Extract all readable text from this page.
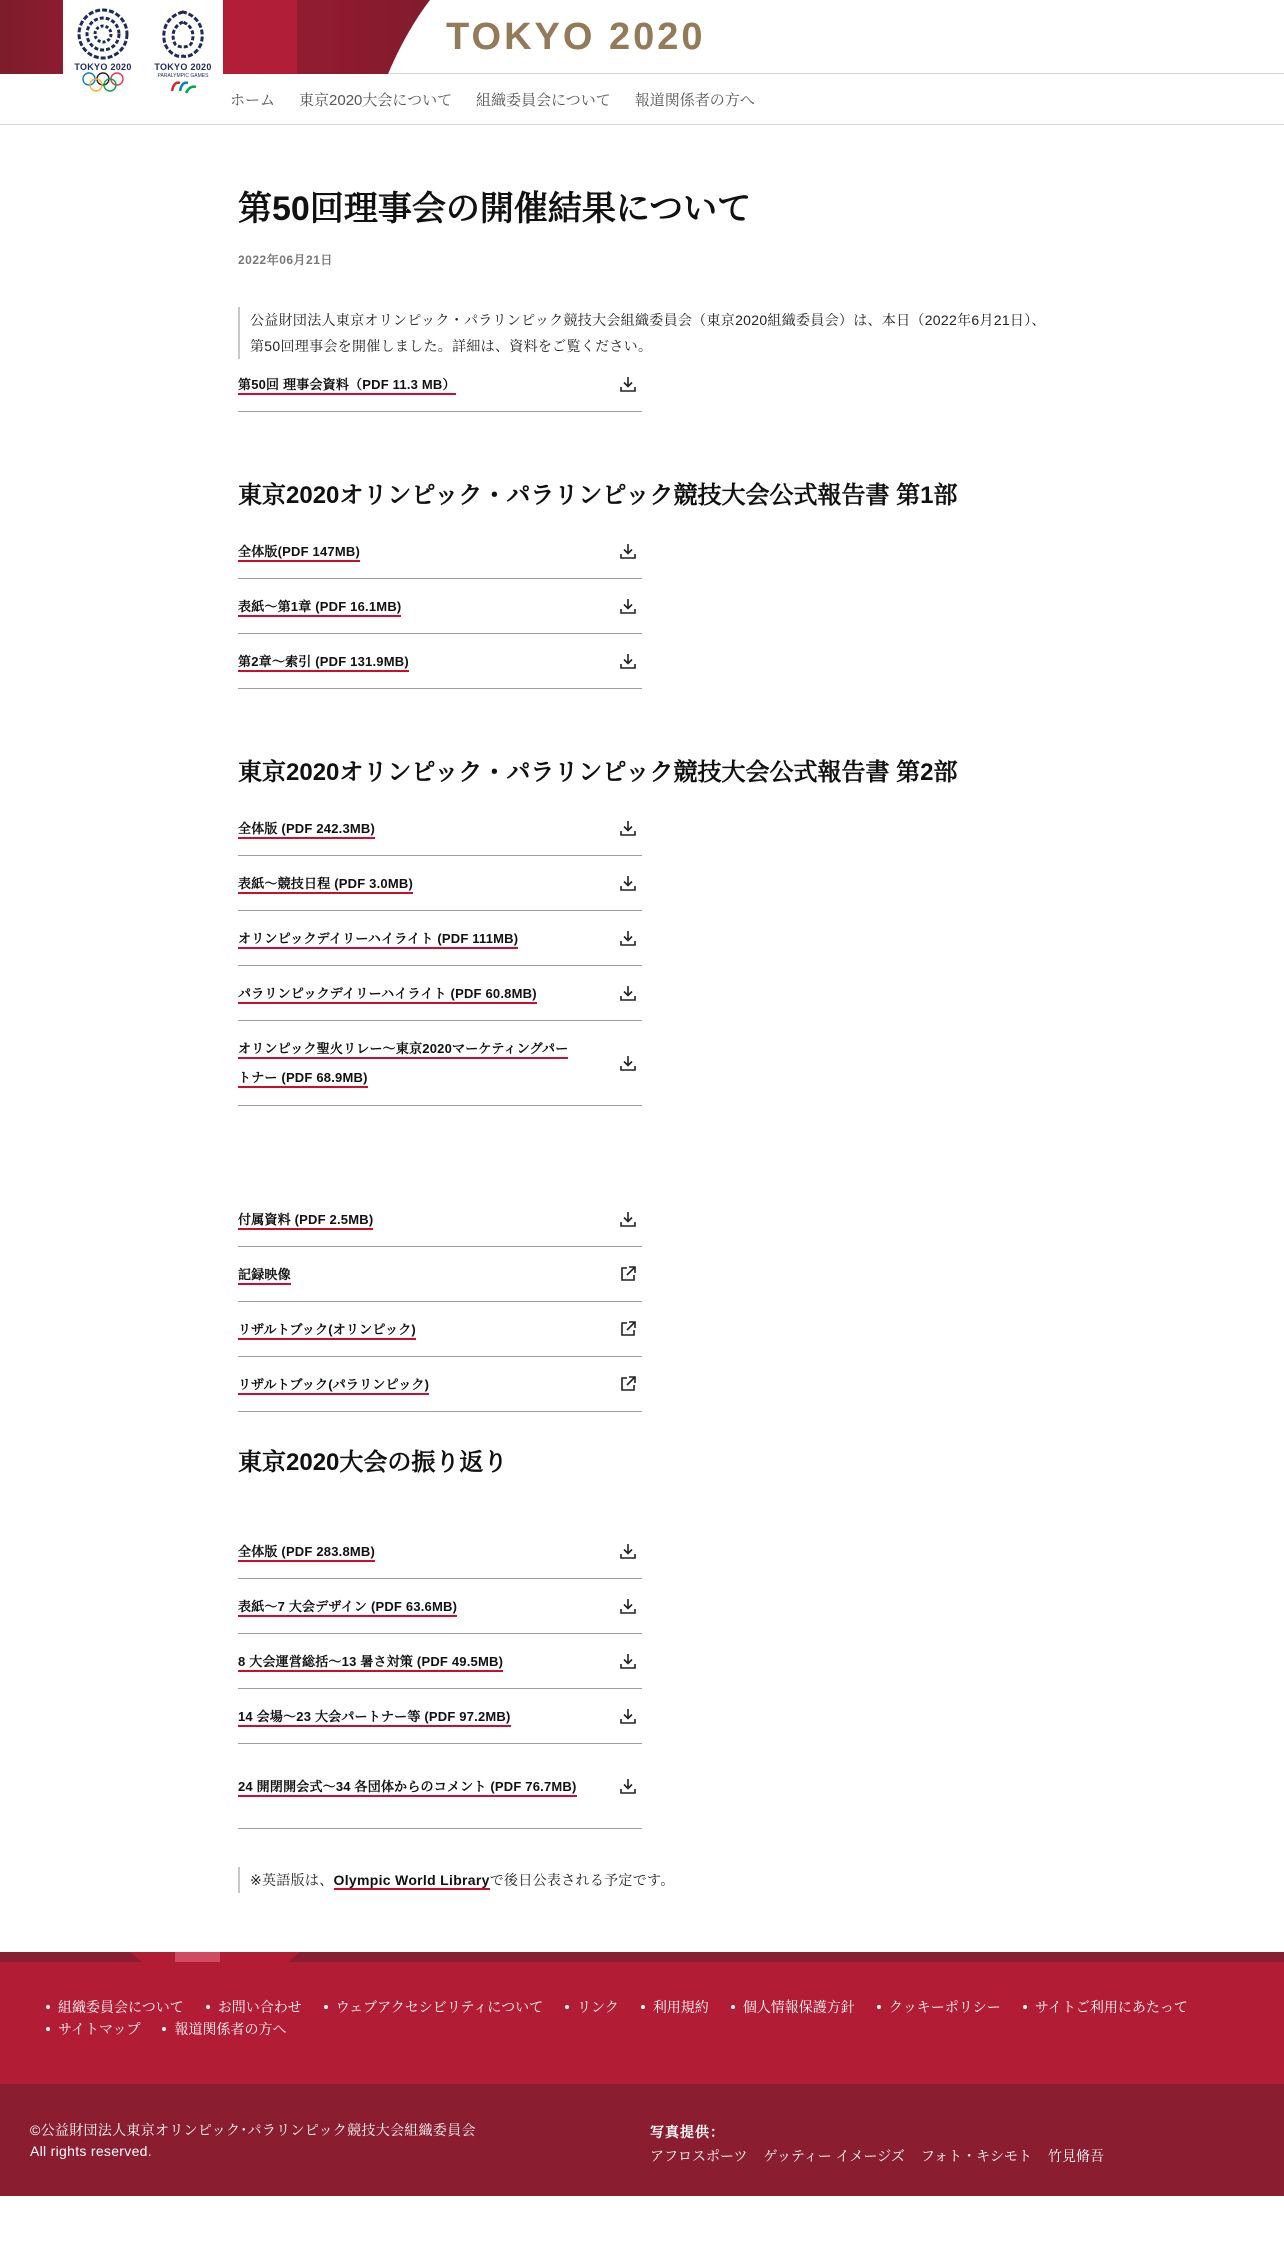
TOKYO 2020	TOKYO 2020
PARALYMPIC GAMES
TOKYO 2020
ホーム 東京2020大会について 組織委員会について 報道関係者の方へ
第50回理事会の開催結果について
2022年06月21日

公益財団法人東京オリンピック・パラリンピック競技大会組織委員会（東京2020組織委員会）は、本日（2022年6月21日）、第50回理事会を開催しました。詳細は、資料をご覧ください。

第50回 理事会資料（PDF 11.3 MB）
東京2020オリンピック・パラリンピック競技大会公式報告書 第1部
全体版(PDF 147MB)
表紙～第1章 (PDF 16.1MB)
第2章～索引 (PDF 131.9MB)
東京2020オリンピック・パラリンピック競技大会公式報告書 第2部
全体版 (PDF 242.3MB)
表紙～競技日程 (PDF 3.0MB)
オリンピックデイリーハイライト (PDF 111MB)
パラリンピックデイリーハイライト (PDF 60.8MB)
オリンピック聖火リレー～東京2020マーケティングパートナー (PDF 68.9MB)
付属資料 (PDF 2.5MB)
記録映像
リザルトブック(オリンピック)
リザルトブック(パラリンピック)
東京2020大会の振り返り
全体版 (PDF 283.8MB)
表紙～7 大会デザイン (PDF 63.6MB)
8 大会運営総括～13 暑さ対策 (PDF 49.5MB)
14 会場～23 大会パートナー等 (PDF 97.2MB)
24 開閉開会式～34 各団体からのコメント (PDF 76.7MB)

※英語版は、Olympic World Libraryで後日公表される予定です。

組織委員会について	お問い合わせ	ウェブアクセシビリティについて	リンク	利用規約	個人情報保護方針	クッキーポリシー	サイトご利用にあたって
サイトマップ	報道関係者の方へ
©公益財団法人東京オリンピック･パラリンピック競技大会組織委員会
All rights reserved.
写真提供：
アフロスポーツ ゲッティー イメージズ フォト・キシモト 竹見脩吾
